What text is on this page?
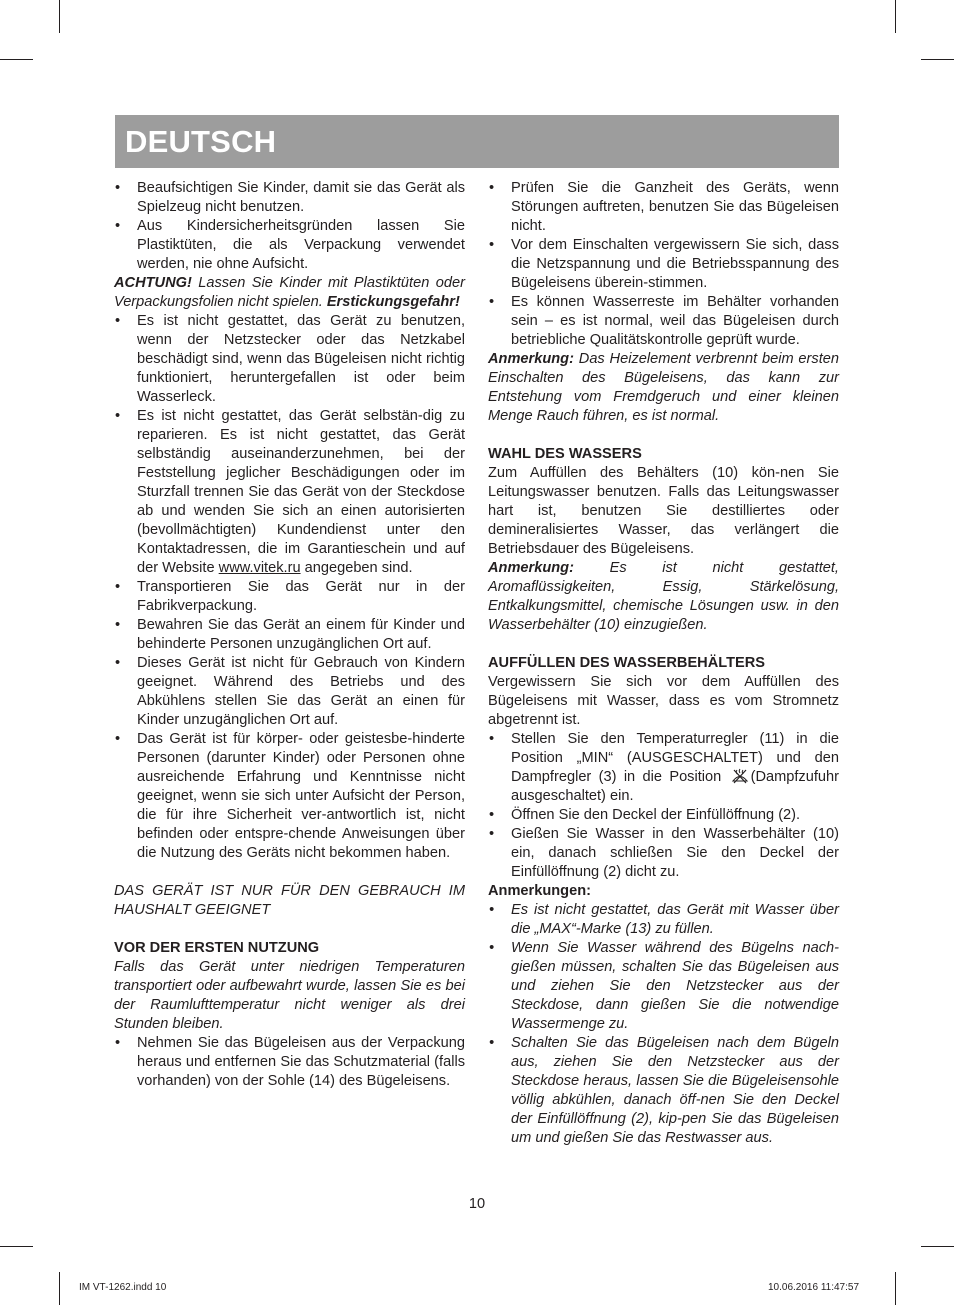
DEUTSCH
• Beaufsichtigen Sie Kinder, damit sie das Gerät als Spielzeug nicht benutzen.
• Aus Kindersicherheitsgründen lassen Sie Plastiktüten, die als Verpackung verwendet werden, nie ohne Aufsicht.

ACHTUNG! Lassen Sie Kinder mit Plastiktüten oder Verpackungsfolien nicht spielen. Erstickungsgefahr!

• Es ist nicht gestattet, das Gerät zu benutzen, wenn der Netzstecker oder das Netzkabel beschädigt sind, wenn das Bügeleisen nicht richtig funktioniert, heruntergefallen ist oder beim Wasserleck.
• Es ist nicht gestattet, das Gerät selbstän-dig zu reparieren. Es ist nicht gestattet, das Gerät selbständig auseinanderzunehmen, bei der Feststellung jeglicher Beschädigungen oder im Sturzfall trennen Sie das Gerät von der Steckdose ab und wenden Sie sich an einen autorisierten (bevollmächtigten) Kundendienst unter den Kontaktadressen, die im Garantieschein und auf der Website www.vitek.ru angegeben sind.
• Transportieren Sie das Gerät nur in der Fabrikverpackung.
• Bewahren Sie das Gerät an einem für Kinder und behinderte Personen unzugänglichen Ort auf.
• Dieses Gerät ist nicht für Gebrauch von Kindern geeignet. Während des Betriebs und des Abkühlens stellen Sie das Gerät an einen für Kinder unzugänglichen Ort auf.
• Das Gerät ist für körper- oder geistesbe-hinderte Personen (darunter Kinder) oder Personen ohne ausreichende Erfahrung und Kenntnisse nicht geeignet, wenn sie sich unter Aufsicht der Person, die für ihre Sicherheit ver-antwortlich ist, nicht befinden oder entspre-chende Anweisungen über die Nutzung des Geräts nicht bekommen haben.

DAS GERÄT IST NUR FÜR DEN GEBRAUCH IM HAUSHALT GEEIGNET

VOR DER ERSTEN NUTZUNG

Falls das Gerät unter niedrigen Temperaturen transportiert oder aufbewahrt wurde, lassen Sie es bei der Raumlufttemperatur nicht weniger als drei Stunden bleiben.

• Nehmen Sie das Bügeleisen aus der Verpackung heraus und entfernen Sie das Schutzmaterial (falls vorhanden) von der Sohle (14) des Bügeleisens.
• Prüfen Sie die Ganzheit des Geräts, wenn Störungen auftreten, benutzen Sie das Bügeleisen nicht.
• Vor dem Einschalten vergewissern Sie sich, dass die Netzspannung und die Betriebsspannung des Bügeleisens überein-stimmen.
• Es können Wasserreste im Behälter vorhanden sein – es ist normal, weil das Bügeleisen durch betriebliche Qualitätskontrolle geprüft wurde.

Anmerkung: Das Heizelement verbrennt beim ersten Einschalten des Bügeleisens, das kann zur Entstehung vom Fremdgeruch und einer kleinen Menge Rauch führen, es ist normal.

WAHL DES WASSERS

Zum Auffüllen des Behälters (10) kön-nen Sie Leitungswasser benutzen. Falls das Leitungswasser hart ist, benutzen Sie destilliertes oder demineralisiertes Wasser, das verlängert die Betriebsdauer des Bügeleisens.

Anmerkung: Es ist nicht gestattet, Aromaflüssigkeiten, Essig, Stärkelösung, Entkalkungsmittel, chemische Lösungen usw. in den Wasserbehälter (10) einzugießen.

AUFFÜLLEN DES WASSERBEHÄLTERS

Vergewissern Sie sich vor dem Auffüllen des Bügeleisens mit Wasser, dass es vom Stromnetz abgetrennt ist.

• Stellen Sie den Temperaturregler (11) in die Position „MIN“ (AUSGESCHALTET) und den Dampfregler (3) in die Position (Dampfzufuhr ausgeschaltet) ein.
• Öffnen Sie den Deckel der Einfüllöffnung (2).
• Gießen Sie Wasser in den Wasserbehälter (10) ein, danach schließen Sie den Deckel der Einfüllöffnung (2) dicht zu.

Anmerkungen:

• Es ist nicht gestattet, das Gerät mit Wasser über die „MAX“-Marke (13) zu füllen.
• Wenn Sie Wasser während des Bügelns nach-gießen müssen, schalten Sie das Bügeleisen aus und ziehen Sie den Netzstecker aus der Steckdose, dann gießen Sie die notwendige Wassermenge zu.
• Schalten Sie das Bügeleisen nach dem Bügeln aus, ziehen Sie den Netzstecker aus der Steckdose heraus, lassen Sie die Bügeleisensohle völlig abkühlen, danach öff-nen Sie den Deckel der Einfüllöffnung (2), kip-pen Sie das Bügeleisen um und gießen Sie das Restwasser aus.
10
IM VT-1262.indd 10	10.06.2016 11:47:57
